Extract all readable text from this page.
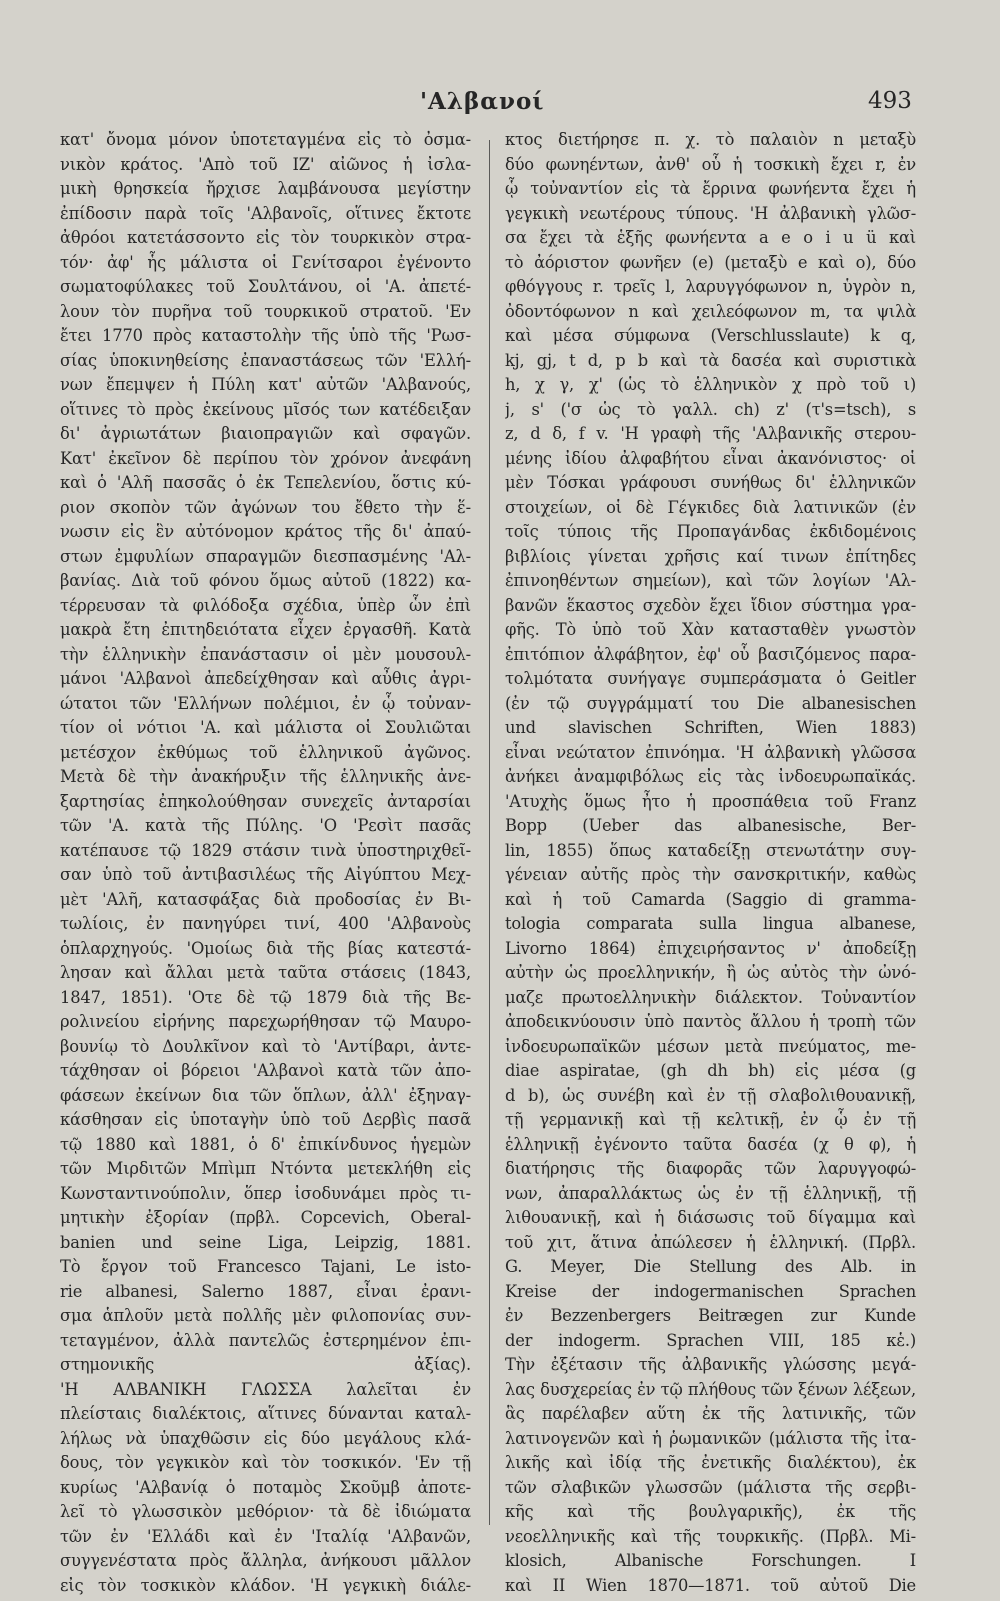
'Αλβανοί	493
κατ' ὄνομα μόνον ὑποτεταγμένα εἰς τὸ ὀσμα-
νικὸν κράτος. 'Απὸ τοῦ ΙΖ' αἰῶνος ἡ ἰσλα-
μικὴ θρησκεία ἤρχισε λαμβάνουσα μεγίστην
ἐπίδοσιν παρὰ τοῖς 'Αλβανοῖς, οἵτινες ἔκτοτε
ἀθρόοι κατετάσσοντο εἰς τὸν τουρκικὸν στρα-
τόν· ἀφ' ἧς μάλιστα οἱ Γενίτσαροι ἐγένοντο
σωματοφύλακες τοῦ Σουλτάνου, οἱ 'Α. ἀπετέ-
λουν τὸν πυρῆνα τοῦ τουρκικοῦ στρατοῦ. 'Εν
ἔτει 1770 πρὸς καταστολὴν τῆς ὑπὸ τῆς 'Ρωσ-
σίας ὑποκινηθείσης ἐπαναστάσεως τῶν 'Ελλή-
νων ἔπεμψεν ἡ Πύλη κατ' αὐτῶν 'Αλβανούς,
οἵτινες τὸ πρὸς ἐκείνους μῖσός των κατέδειξαν
δι' ἀγριωτάτων βιαιοπραγιῶν καὶ σφαγῶν.
Κατ' ἐκεῖνον δὲ περίπου τὸν χρόνον ἀνεφάνη
καὶ ὁ 'Αλῆ πασσᾶς ὁ ἐκ Τεπελενίου, ὅστις κύ-
ριον σκοπὸν τῶν ἀγώνων του ἔθετο τὴν ἕ-
νωσιν εἰς ἓν αὐτόνομον κράτος τῆς δι' ἀπαύ-
στων ἐμφυλίων σπαραγμῶν διεσπασμένης 'Αλ-
βανίας. Διὰ τοῦ φόνου ὅμως αὐτοῦ (1822) κα-
τέρρευσαν τὰ φιλόδοξα σχέδια, ὑπὲρ ὧν ἐπὶ
μακρὰ ἔτη ἐπιτηδειότατα εἶχεν ἐργασθῆ. Κατὰ
τὴν ἑλληνικὴν ἐπανάστασιν οἱ μὲν μουσουλ-
μάνοι 'Αλβανοὶ ἀπεδείχθησαν καὶ αὖθις ἀγρι-
ώτατοι τῶν 'Ελλήνων πολέμιοι, ἐν ᾧ τοὐναν-
τίον οἱ νότιοι 'Α. καὶ μάλιστα οἱ Σουλιῶται
μετέσχον ἐκθύμως τοῦ ἑλληνικοῦ ἀγῶνος.
Μετὰ δὲ τὴν ἀνακήρυξιν τῆς ἑλληνικῆς ἀνε-
ξαρτησίας ἐπηκολούθησαν συνεχεῖς ἀνταρσίαι
τῶν 'Α. κατὰ τῆς Πύλης. 'Ο 'Ρεσὶτ πασᾶς
κατέπαυσε τῷ 1829 στάσιν τινὰ ὑποστηριχθεῖ-
σαν ὑπὸ τοῦ ἀντιβασιλέως τῆς Αἰγύπτου Μεχ-
μὲτ 'Αλῆ, κατασφάξας διὰ προδοσίας ἐν Βι-
τωλίοις, ἐν πανηγύρει τινί, 400 'Αλβανοὺς
ὁπλαρχηγούς. 'Ομοίως διὰ τῆς βίας κατεστά-
λησαν καὶ ἄλλαι μετὰ ταῦτα στάσεις (1843,
1847, 1851). 'Οτε δὲ τῷ 1879 διὰ τῆς Βε-
ρολινείου εἰρήνης παρεχωρήθησαν τῷ Μαυρο-
βουνίῳ τὸ Δουλκῖνον καὶ τὸ 'Αντίβαρι, ἀντε-
τάχθησαν οἱ βόρειοι 'Αλβανοὶ κατὰ τῶν ἀπο-
φάσεων ἐκείνων δια τῶν ὅπλων, ἀλλ' ἐξηναγ-
κάσθησαν εἰς ὑποταγὴν ὑπὸ τοῦ Δερβὶς πασᾶ
τῷ 1880 καὶ 1881, ὁ δ' ἐπικίνδυνος ἡγεμὼν
τῶν Μιρδιτῶν Μπὶμπ Ντόντα μετεκλήθη εἰς
Κωνσταντινούπολιν, ὅπερ ἰσοδυνάμει πρὸς τι-
μητικὴν ἐξορίαν (πρβλ. Copcevich, Oberal-
banien und seine Liga, Leipzig, 1881.
Τὸ ἔργον τοῦ Francesco Tajani, Le isto-
rie albanesi, Salerno 1887, εἶναι ἐρανι-
σμα ἁπλοῦν μετὰ πολλῆς μὲν φιλοπονίας συν-
τεταγμένον, ἀλλὰ παντελῶς ἐστερημένον ἐπι-
στημονικῆς ἀξίας).
'Η ΑΛΒΑΝΙΚΗ ΓΛΩΣΣΑ λαλεῖται ἐν
πλείσταις διαλέκτοις, αἵτινες δύνανται καταλ-
λήλως νὰ ὑπαχθῶσιν εἰς δύο μεγάλους κλά-
δους, τὸν γεγκικὸν καὶ τὸν τοσκικόν. 'Εν τῇ
κυρίως 'Αλβανίᾳ ὁ ποταμὸς Σκοῦμβ ἀποτε-
λεῖ τὸ γλωσσικὸν μεθόριον· τὰ δὲ ἰδιώματα
τῶν ἐν 'Ελλάδι καὶ ἐν 'Ιταλίᾳ 'Αλβανῶν,
συγγενέστατα πρὸς ἄλληλα, ἀνήκουσι μᾶλλον
εἰς τὸν τοσκικὸν κλάδον. 'Η γεγκικὴ διάλε-
κτος διετήρησε π. χ. τὸ παλαιὸν n μεταξὺ
δύο φωνηέντων, ἀνθ' οὗ ἡ τοσκικὴ ἔχει r, ἐν
ᾧ τοὐναντίον εἰς τὰ ἔρρινα φωνήεντα ἔχει ἡ
γεγκικὴ νεωτέρους τύπους. 'Η ἀλβανικὴ γλῶσ-
σα ἔχει τὰ ἑξῆς φωνήεντα a e o i u ü καὶ
τὸ ἀόριστον φωνῆεν (e) (μεταξὺ e καὶ o), δύο
φθόγγους r. τρεῖς l, λαρυγγόφωνον n, ὑγρὸν n,
ὀδοντόφωνον n καὶ χειλεόφωνον m, τα ψιλὰ
καὶ μέσα σύμφωνα (Verschlusslaute) k q,
kj, gj, t d, p b καὶ τὰ δασέα καὶ συριστικὰ
h, χ γ, χ' (ὡς τὸ ἑλληνικὸν χ πρὸ τοῦ ι)
j, s' ('σ ὡς τὸ γαλλ. ch) z' (τ's=tsch), s
z, d δ, f v. 'Η γραφὴ τῆς 'Αλβανικῆς στερου-
μένης ἰδίου ἀλφαβήτου εἶναι ἀκανόνιστος· οἱ
μὲν Τόσκαι γράφουσι συνήθως δι' ἑλληνικῶν
στοιχείων, οἱ δὲ Γέγκιδες διὰ λατινικῶν (ἐν
τοῖς τύποις τῆς Προπαγάνδας ἐκδιδομένοις
βιβλίοις γίνεται χρῆσις καί τινων ἐπίτηδες
ἐπινοηθέντων σημείων), καὶ τῶν λογίων 'Αλ-
βανῶν ἕκαστος σχεδὸν ἔχει ἴδιον σύστημα γρα-
φῆς. Τὸ ὑπὸ τοῦ Χὰν κατασταθὲν γνωστὸν
ἐπιτόπιον ἀλφάβητον, ἐφ' οὗ βασιζόμενος παρα-
τολμότατα συνήγαγε συμπεράσματα ὁ Geitler
(ἐν τῷ συγγράμματί του Die albanesischen
und slavischen Schriften, Wien 1883)
εἶναι νεώτατον ἐπινόημα. 'Η ἀλβανικὴ γλῶσσα
ἀνήκει ἀναμφιβόλως εἰς τὰς ἰνδοευρωπαϊκάς.
'Ατυχὴς ὅμως ἦτο ἡ προσπάθεια τοῦ Franz
Bopp (Ueber das albanesische, Ber-
lin, 1855) ὅπως καταδείξῃ στενωτάτην συγ-
γένειαν αὐτῆς πρὸς τὴν σανσκριτικήν, καθὼς
καὶ ἡ τοῦ Camarda (Saggio di gramma-
tologia comparata sulla lingua albanese,
Livorno 1864) ἐπιχειρήσαντος ν' ἀποδείξῃ
αὐτὴν ὡς προελληνικήν, ἢ ὡς αὐτὸς τὴν ὠνό-
μαζε πρωτοελληνικὴν διάλεκτον. Τοὐναντίον
ἀποδεικνύουσιν ὑπὸ παντὸς ἄλλου ἡ τροπὴ τῶν
ἰνδοευρωπαϊκῶν μέσων μετὰ πνεύματος, me-
diae aspiratae, (gh dh bh) εἰς μέσα (g
d b), ὡς συνέβη καὶ ἐν τῇ σλαβολιθουανικῇ,
τῇ γερμανικῇ καὶ τῇ κελτικῇ, ἐν ᾧ ἐν τῇ
ἑλληνικῇ ἐγένοντο ταῦτα δασέα (χ θ φ), ἡ
διατήρησις τῆς διαφορᾶς τῶν λαρυγγοφώ-
νων, ἀπαραλλάκτως ὡς ἐν τῇ ἑλληνικῇ, τῇ
λιθουανικῇ, καὶ ἡ διάσωσις τοῦ δίγαμμα καὶ
τοῦ χιτ, ἅτινα ἀπώλεσεν ἡ ἑλληνική. (Πρβλ.
G. Meyer, Die Stellung des Alb. in
Kreise der indogermanischen Sprachen
ἐν Bezzenbergers Beitrægen zur Kunde
der indogerm. Sprachen VIII, 185 κἑ.)
Τὴν ἐξέτασιν τῆς ἀλβανικῆς γλώσσης μεγά-
λας δυσχερείας ἐν τῷ πλήθους τῶν ξένων λέξεων,
ἃς παρέλαβεν αὕτη ἐκ τῆς λατινικῆς, τῶν
λατινογενῶν καὶ ἡ ῥωμανικῶν (μάλιστα τῆς ἰτα-
λικῆς καὶ ἰδίᾳ τῆς ἐνετικῆς διαλέκτου), ἐκ
τῶν σλαβικῶν γλωσσῶν (μάλιστα τῆς σερβι-
κῆς καὶ τῆς βουλγαρικῆς), ἐκ τῆς
νεοελληνικῆς καὶ τῆς τουρκικῆς. (Πρβλ. Mi-
klosich, Albanische Forschungen. I
καὶ II Wien 1870—1871. τοῦ αὐτοῦ Die
